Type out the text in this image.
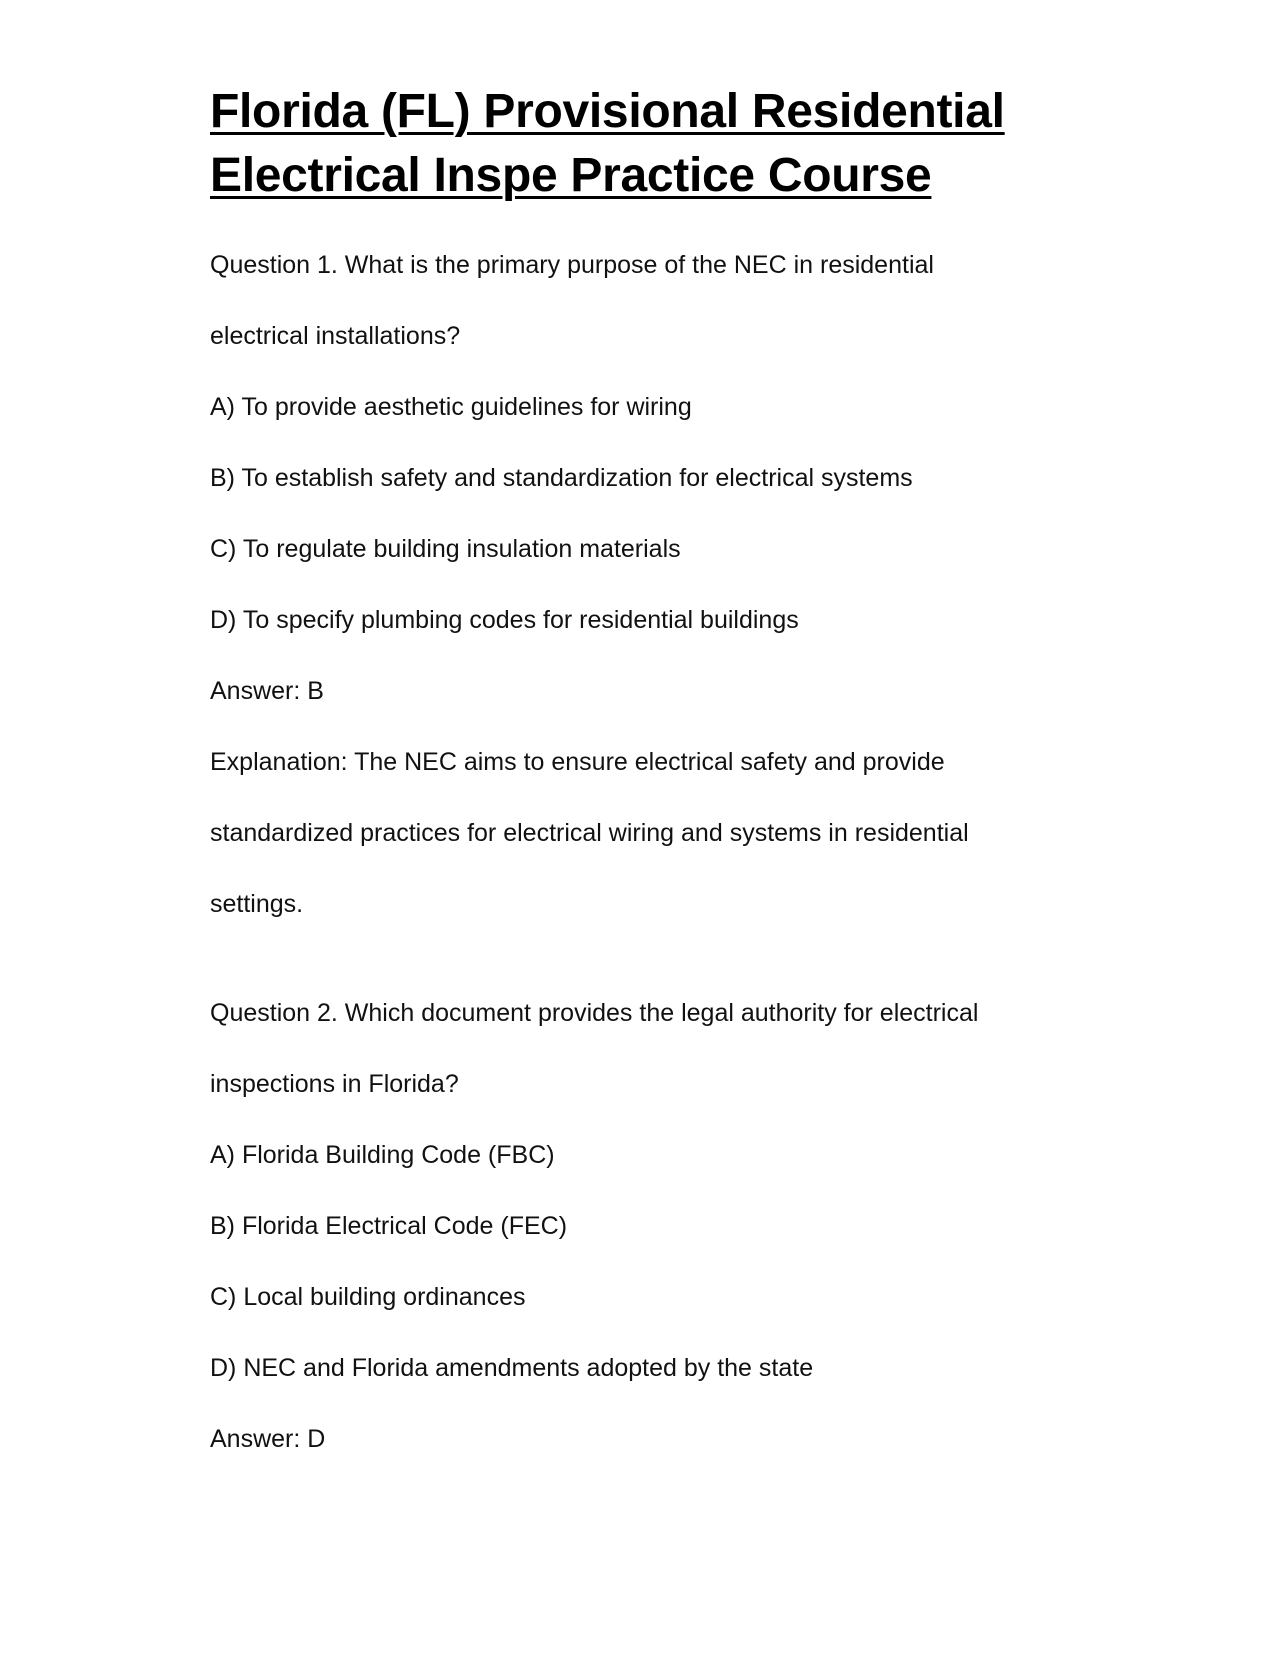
Florida (FL) Provisional Residential
Electrical Inspe Practice Course
Question 1. What is the primary purpose of the NEC in residential
electrical installations?
A) To provide aesthetic guidelines for wiring
B) To establish safety and standardization for electrical systems
C) To regulate building insulation materials
D) To specify plumbing codes for residential buildings
Answer: B
Explanation: The NEC aims to ensure electrical safety and provide
standardized practices for electrical wiring and systems in residential
settings.
Question 2. Which document provides the legal authority for electrical
inspections in Florida?
A) Florida Building Code (FBC)
B) Florida Electrical Code (FEC)
C) Local building ordinances
D) NEC and Florida amendments adopted by the state
Answer: D
